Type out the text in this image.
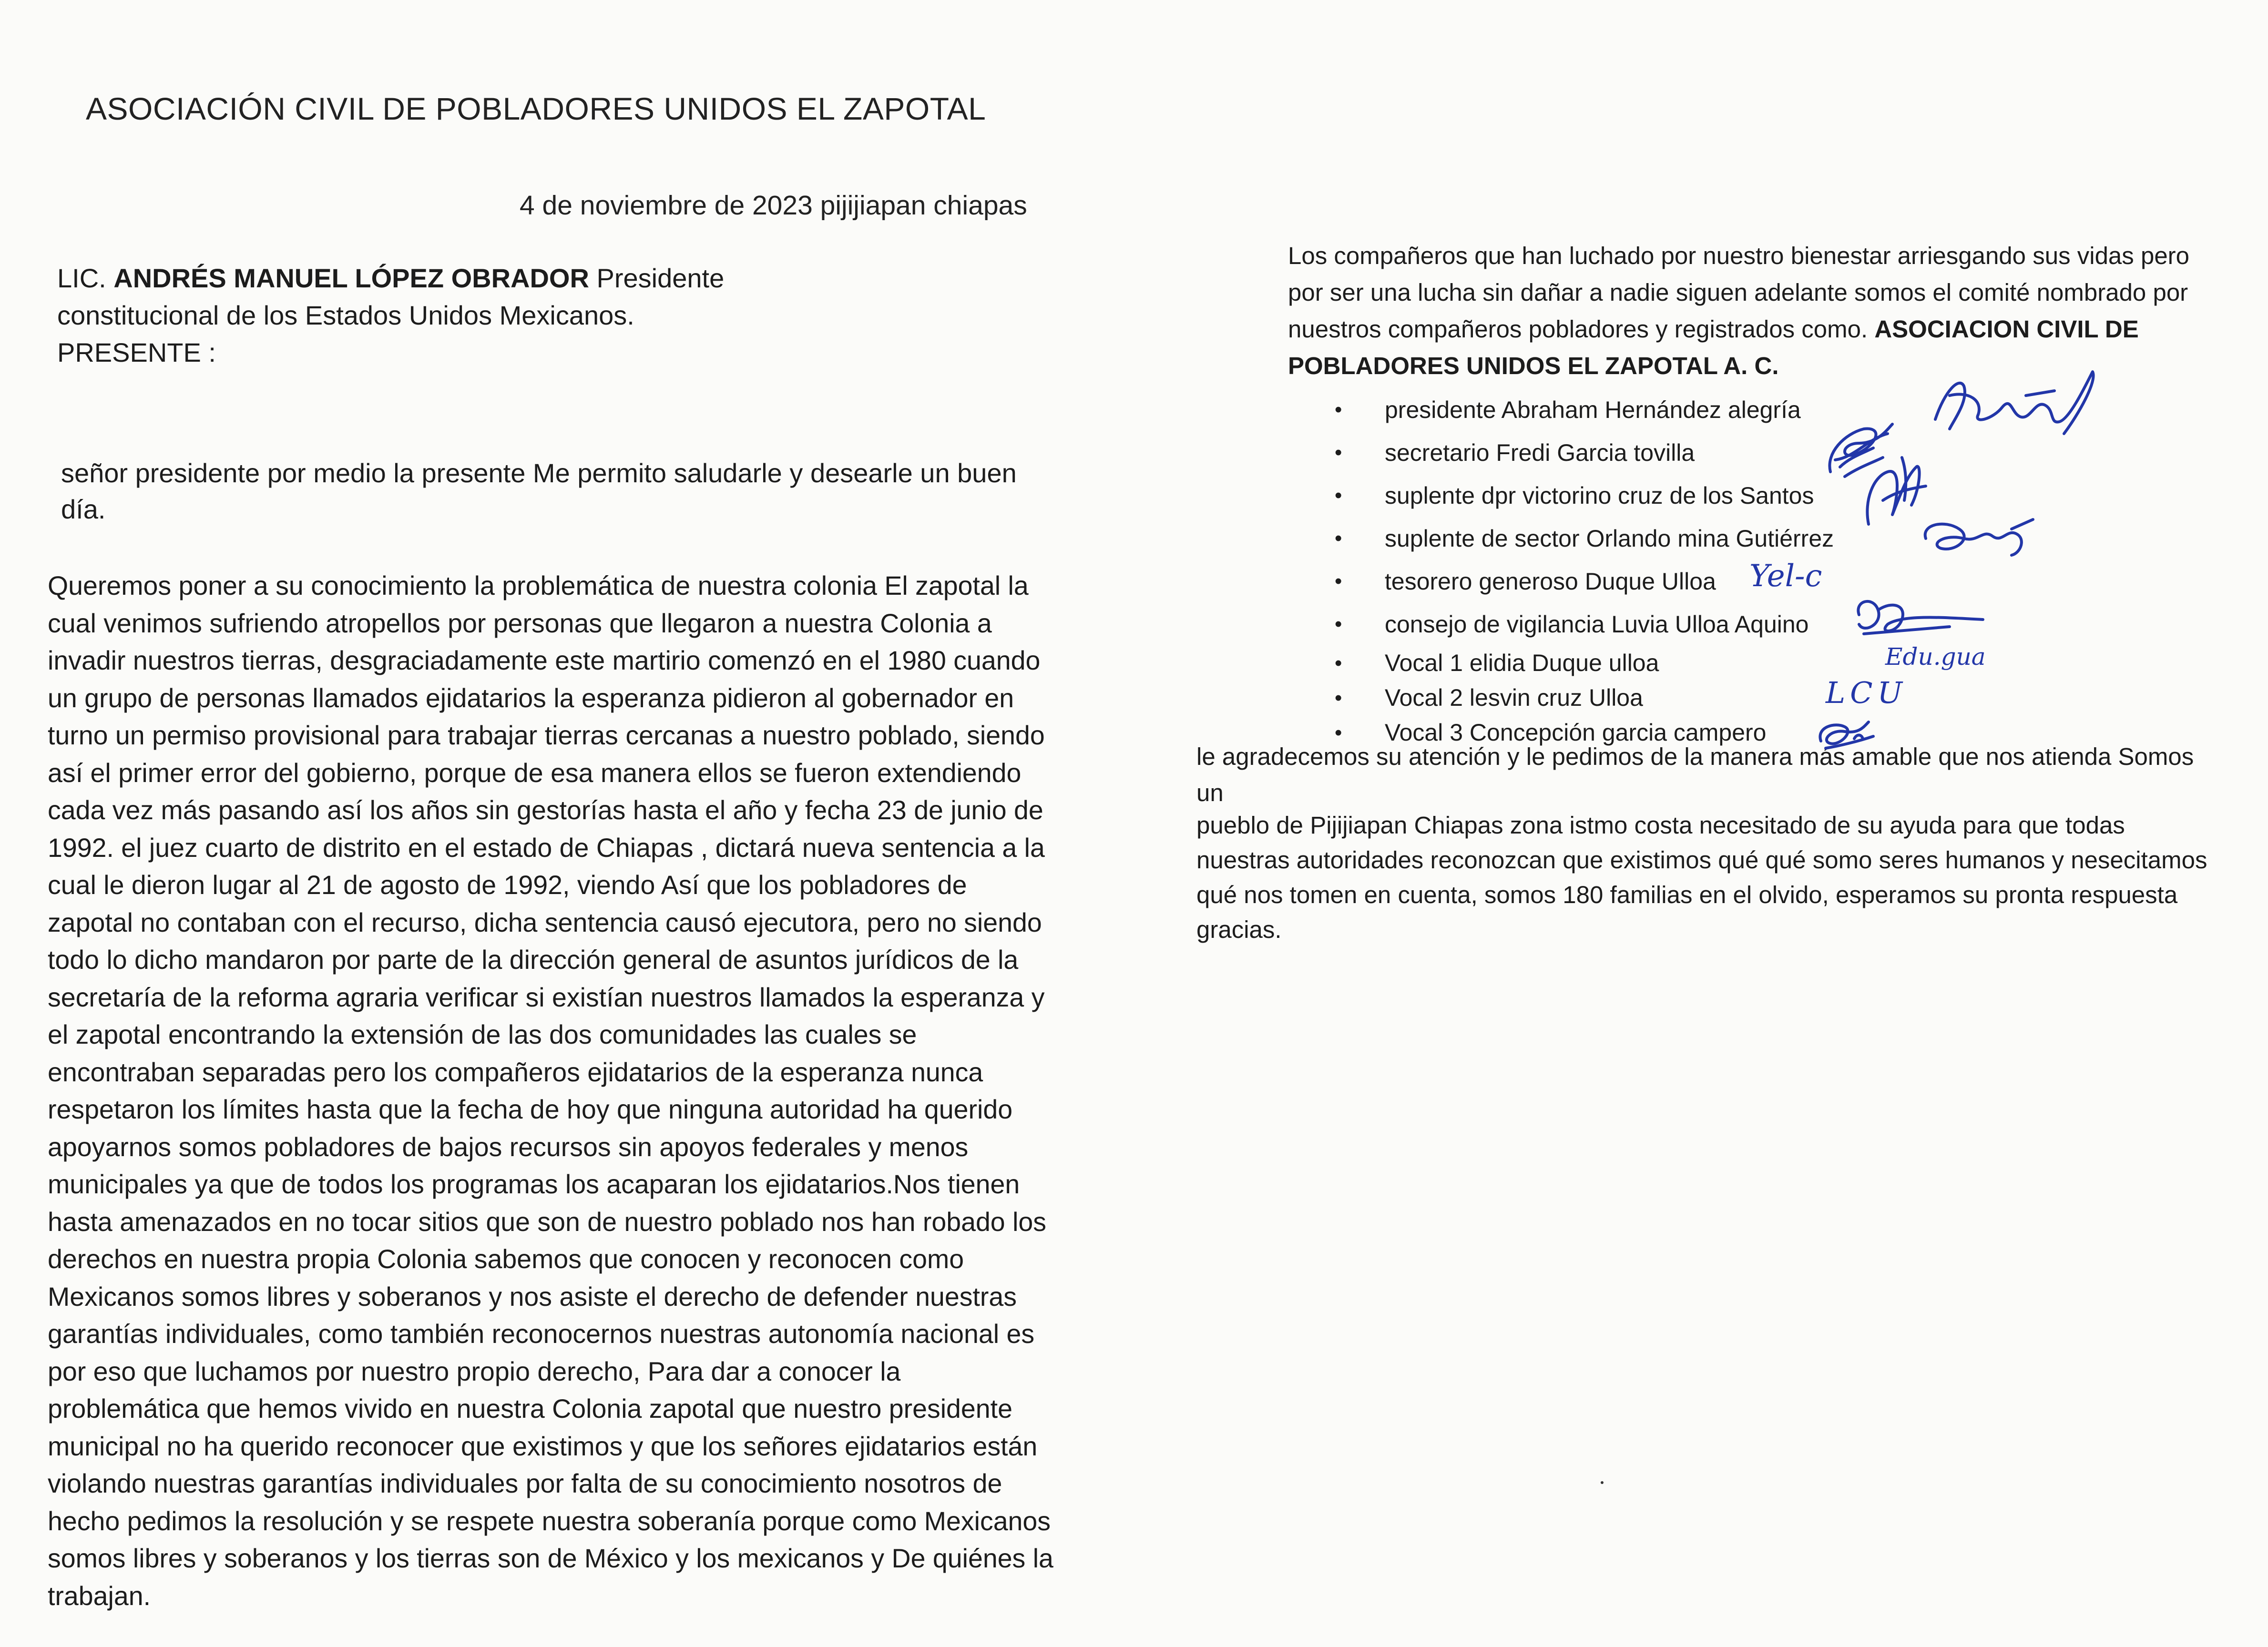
ASOCIACIÓN CIVIL DE POBLADORES UNIDOS EL ZAPOTAL
4 de noviembre de 2023 pijijiapan chiapas
LIC. ANDRÉS MANUEL LÓPEZ OBRADOR Presidente
constitucional de los Estados Unidos Mexicanos.
PRESENTE :
señor presidente por medio la presente Me permito saludarle y desearle un buen día.
Queremos poner a su conocimiento la problemática de nuestra colonia El zapotal la cual venimos sufriendo atropellos por personas que llegaron a nuestra Colonia a invadir nuestros tierras, desgraciadamente este martirio comenzó en el 1980 cuando un grupo de personas llamados ejidatarios la esperanza pidieron al gobernador en turno un permiso provisional para trabajar tierras cercanas a nuestro poblado, siendo así el primer error del gobierno, porque de esa manera ellos se fueron extendiendo cada vez más pasando así los años sin gestorías hasta el año y fecha 23 de junio de 1992. el juez cuarto de distrito en el estado de Chiapas , dictará nueva sentencia a la cual le dieron lugar al 21 de agosto de 1992, viendo Así que los pobladores de zapotal no contaban con el recurso, dicha sentencia causó ejecutora, pero no siendo todo lo dicho mandaron por parte de la dirección general de asuntos jurídicos de la secretaría de la reforma agraria verificar si existían nuestros llamados la esperanza y el zapotal encontrando la extensión de las dos comunidades las cuales se encontraban separadas pero los compañeros ejidatarios de la esperanza nunca respetaron los límites hasta que la fecha de hoy que ninguna autoridad ha querido apoyarnos somos pobladores de bajos recursos sin apoyos federales y menos municipales ya que de todos los programas los acaparan los ejidatarios.Nos tienen hasta amenazados en no tocar sitios que son de nuestro poblado nos han robado los derechos en nuestra propia Colonia sabemos que conocen y reconocen como Mexicanos somos libres y soberanos y nos asiste el derecho de defender nuestras garantías individuales, como también reconocernos nuestras autonomía nacional es por eso que luchamos por nuestro propio derecho, Para dar a conocer la problemática que hemos vivido en nuestra Colonia zapotal que nuestro presidente municipal no ha querido reconocer que existimos y que los señores ejidatarios están violando nuestras garantías individuales por falta de su conocimiento nosotros de hecho pedimos la resolución y se respete nuestra soberanía porque como Mexicanos somos libres y soberanos y los tierras son de México y los mexicanos y De quiénes la trabajan.
Los compañeros que han luchado por nuestro bienestar arriesgando sus vidas pero por ser una lucha sin dañar a nadie siguen adelante somos el comité nombrado por nuestros compañeros pobladores y registrados como. ASOCIACION CIVIL DE POBLADORES UNIDOS EL ZAPOTAL A. C.
• presidente Abraham Hernández alegría
• secretario Fredi Garcia tovilla
• suplente dpr victorino cruz de los Santos
• suplente de sector Orlando mina Gutiérrez
• tesorero generoso Duque Ulloa
• consejo de vigilancia Luvia Ulloa Aquino
• Vocal 1 elidia Duque ulloa
• Vocal 2 lesvin cruz Ulloa
• Vocal 3 Concepción garcia campero
le agradecemos su atención y le pedimos de la manera más amable que nos atienda Somos un
pueblo de Pijijiapan Chiapas zona istmo costa necesitado de su ayuda para que todas nuestras autoridades reconozcan que existimos qué qué somo seres humanos y nesecitamos qué nos tomen en cuenta, somos 180 familias en el olvido, esperamos su pronta respuesta gracias.
Yel-c
Edu.gua
LCU
